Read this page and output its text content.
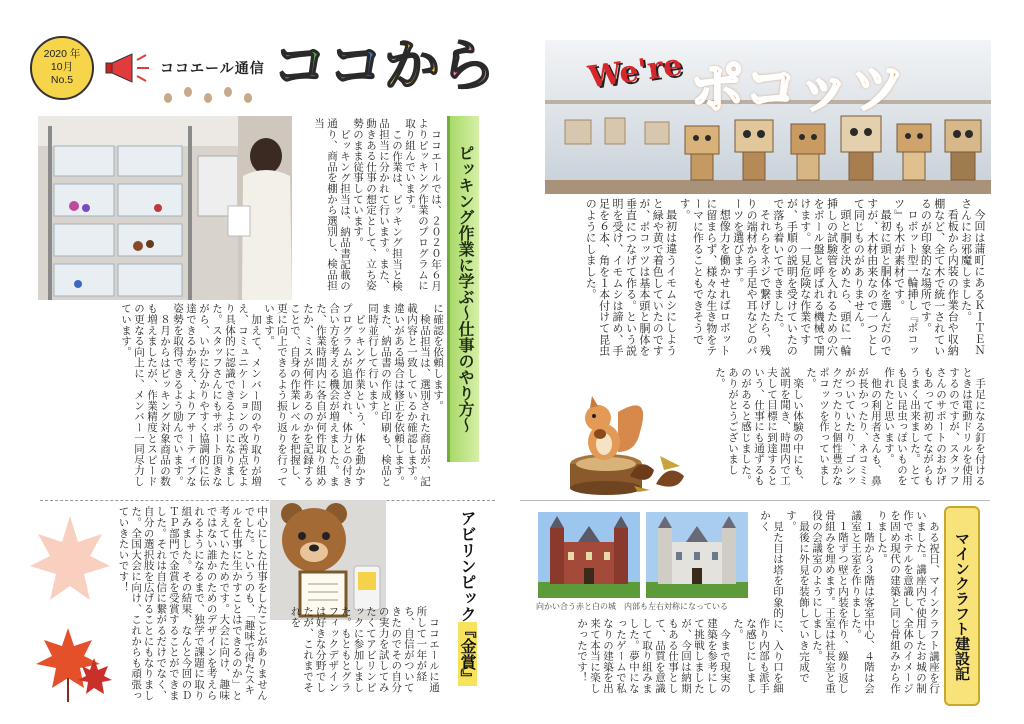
2020 年
10月
No.5
ココエール通信 ココから

ココエールでは、２０２０年６月よりピッキング作業のプログラムに取り組んでいます。

この作業は、ピッキング担当と検品担当に分かれて行います。また、動きある仕事の想定として、立ち姿勢のまま従事しています。

ピッキング担当は、納品書記載の通り、商品を棚から選別し、検品担当

ピッキング作業に学ぶ～仕事のやり方～

に確認を依頼します。

検品担当は、選別された商品が、記載内容と一致しているか確認します。違いがある場合は修正を依頼します。また、納品書の作成と印刷も、検品と同時並行して行います。

ピッキング作業という、体を動かすプログラムが追加され、体力との付き合い方を考える機会が増えました。また、作業時間内に各自が何件取り組めたか、ミスが何件あるのかを記録することで、自身の作業レベルを把握し、更に向上できるよう振り返りを行っています。

加えて、メンバー間のやり取りが増え、コミュニケーションの改善点をより具体的に認識できるようになりました。スタッフさんにもサポート頂きながら、いかに分かりやすく協調的に伝達できるか考え、よりアサーティブな姿勢を取得できるよう励んでいます。

８月からはピッキング対象商品の数も増えましたが、作業精度とスピードの更なる向上に、メンバー一同尽力しています。

ココエールに通所して一年が経ち、自信がついてきたのでその自分の実力を試してみたくてアビリンピックに参加しました。もともとグラフィックデザインは好きな分野でしたが、これまでそれを	アビリンピック『金賞』

中心にした仕事をしたことがありませんでした。というのも、「趣味で得たスキルを仕事に生かすことはできるのか」と考えていたためです。大会に向け、趣味ではない誰かのためのデザインを考えられるようになるまで、独学で課題に取り組みました。その結果、なんと今回のＤＴＰ部門で金賞を受賞することができました。それは自信に繋がるだけでなく、自分の選択肢を広げることにもなりました。全国大会に向け、これからも頑張っていきたいです！

We're ポコッツ

今回は蒲町にあるＫＩＴＥＮさんにお邪魔しました。

看板から内装の作業台や収納棚など、全て木で統一されているのが印象的な場所です。

ロボット型一輪挿し『ポコッツ』も木が素材です。

最初に頭と胴体を選んだのですが、木材由来なので一つとして同じものがありません。

頭と胴を決めたら、頭に一輪挿しの試験管を入れるための穴をボール盤と呼ばれる機械で開けます。一見危険な作業ですが、手順の説明を受けていたので落ち着いてできました。

それらをネジで繋げたら、残りの端材から手足や耳などのパーツを選びます。

想像力を働かせればロボットに留まらず、様々な生き物をテーマに作ることもできそうです。

最初は違うイモムシにしようと緑や黄で着色していたのですが、ポコッツは基本頭と胴体を垂直につなげて作る。という説明を受け、イモムシは諦め、手足を６本、角を１本付けて昆虫のようにしました。

手足になる釘を付けるときは電動ドリルを使用するのですが、スタッフさんのサポートのおかげもあって初めてながらもうまく出来ました。とても良い昆虫っぽいものを作れたと思います。

他の利用者さんも、鼻が長かったり、ネコミミがついていたり、ゴシックだったりと個性豊かなポコッツを作っていました。

楽しい体験の中にも、説明を聞き、時間内で工夫して目標に到達するという、仕事にも通ずるものがあると感じました。ありがとうございました。

向かい合う赤と白の城　内部も左右対称になっている	ある祝日、マインクラフト講座を行いました。講座内で使用したお城の制作でホテルを意識し、全体のイメージを固め現代の建築と同じ骨組みから作りました。

１階から３階は客室中心、４階は会議室と王室を作りました。

１階ずつ壁と内装を作り、繰り返し骨組みを埋めます。王室は社長室と重役の会議室のようにしました。

最後に外見を装飾していき完成です。

見た目は塔を印象的に、入り口を細かく

作り内部も派手な感じにしました。

今まで現実の建築を参考にして挑戦しましたが、今回は納期もある仕事として、品質を意識して取り組みました。夢中になったゲームで私なりの建築を出来て本当に楽しかったです！	マインクラフト建設記
